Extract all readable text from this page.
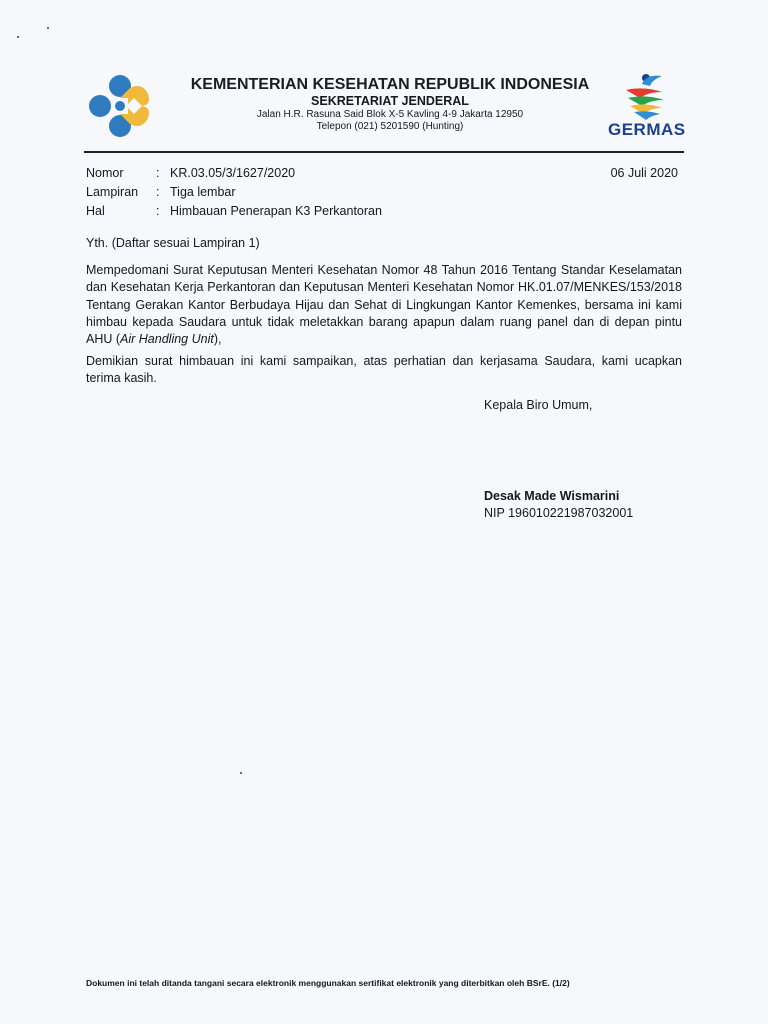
KEMENTERIAN KESEHATAN REPUBLIK INDONESIA
SEKRETARIAT JENDERAL
Jalan H.R. Rasuna Said Blok X-5 Kavling 4-9 Jakarta 12950
Telepon (021) 5201590 (Hunting)	GERMAS
Nomor	: KR.03.05/3/1627/2020
Lampiran : Tiga lembar
Hal	: Himbauan Penerapan K3 Perkantoran
06 Juli 2020
Yth. (Daftar sesuai Lampiran 1)
Mempedomani Surat Keputusan Menteri Kesehatan Nomor 48 Tahun 2016 Tentang Standar Keselamatan dan Kesehatan Kerja Perkantoran dan Keputusan Menteri Kesehatan Nomor HK.01.07/MENKES/153/2018 Tentang Gerakan Kantor Berbudaya Hijau dan Sehat di Lingkungan Kantor Kemenkes, bersama ini kami himbau kepada Saudara untuk tidak meletakkan barang apapun dalam ruang panel dan di depan pintu AHU (Air Handling Unit),
Demikian surat himbauan ini kami sampaikan, atas perhatian dan kerjasama Saudara, kami ucapkan terima kasih.
Kepala Biro Umum,
Desak Made Wismarini
NIP 196010221987032001
Dokumen ini telah ditanda tangani secara elektronik menggunakan sertifikat elektronik yang diterbitkan oleh BSrE. (1/2)
